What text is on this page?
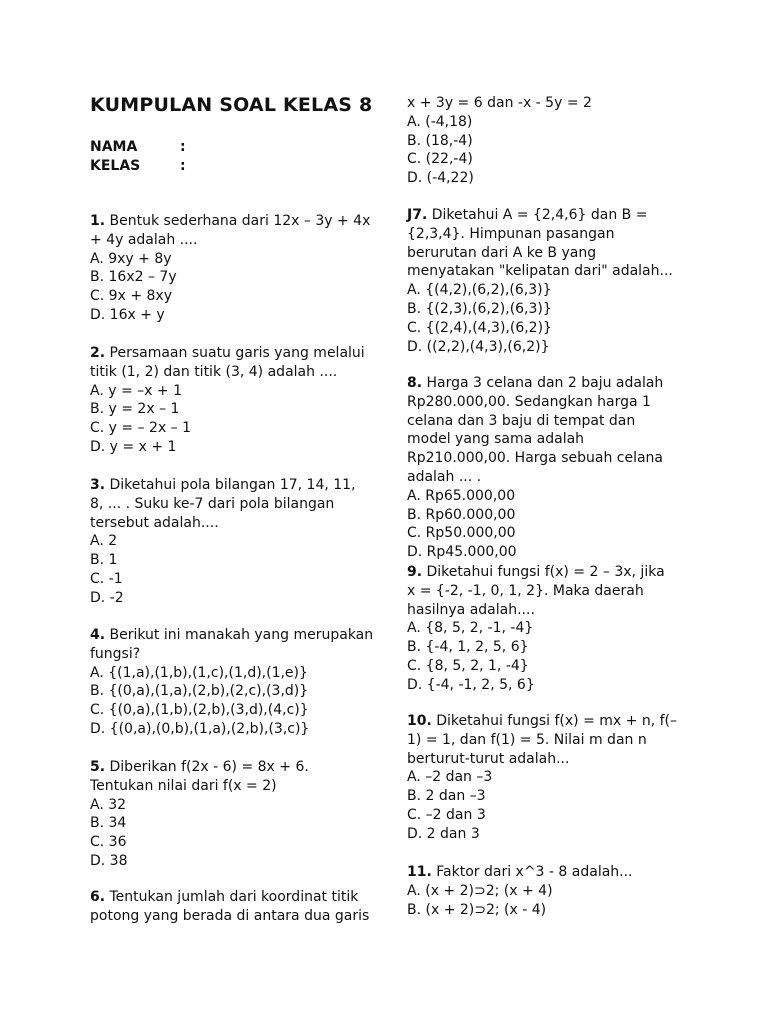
KUMPULAN SOAL KELAS 8
NAMA	:
KELAS	:
1. Bentuk sederhana dari 12x – 3y + 4x + 4y adalah ....
A. 9xy + 8y
B. 16x2 – 7y
C. 9x + 8xy
D. 16x + y
2. Persamaan suatu garis yang melalui titik (1, 2) dan titik (3, 4) adalah ....
A. y = –x + 1
B. y = 2x – 1
C. y = – 2x – 1
D. y = x + 1
3. Diketahui pola bilangan 17, 14, 11, 8, ... . Suku ke-7 dari pola bilangan tersebut adalah....
A. 2
B. 1
C. -1
D. -2
4. Berikut ini manakah yang merupakan fungsi?
A. {(1,a),(1,b),(1,c),(1,d),(1,e)}
B. {(0,a),(1,a),(2,b),(2,c),(3,d)}
C. {(0,a),(1,b),(2,b),(3,d),(4,c)}
D. {(0,a),(0,b),(1,a),(2,b),(3,c)}
5. Diberikan f(2x - 6) = 8x + 6. Tentukan nilai dari f(x = 2)
A. 32
B. 34
C. 36
D. 38
6. Tentukan jumlah dari koordinat titik potong yang berada di antara dua garis
x + 3y = 6 dan -x - 5y = 2
A. (-4,18)
B. (18,-4)
C. (22,-4)
D. (-4,22)
J7. Diketahui A = {2,4,6} dan B = {2,3,4}. Himpunan pasangan berurutan dari A ke B yang menyatakan "kelipatan dari" adalah...
A. {(4,2),(6,2),(6,3)}
B. {(2,3),(6,2),(6,3)}
C. {(2,4),(4,3),(6,2)}
D. ((2,2),(4,3),(6,2)}
8. Harga 3 celana dan 2 baju adalah Rp280.000,00. Sedangkan harga 1 celana dan 3 baju di tempat dan model yang sama adalah Rp210.000,00. Harga sebuah celana adalah ... .
A. Rp65.000,00
B. Rp60.000,00
C. Rp50.000,00
D. Rp45.000,00
9. Diketahui fungsi f(x) = 2 – 3x, jika x = {-2, -1, 0, 1, 2}. Maka daerah hasilnya adalah....
A. {8, 5, 2, -1, -4}
B. {-4, 1, 2, 5, 6}
C. {8, 5, 2, 1, -4}
D. {-4, -1, 2, 5, 6}
10. Diketahui fungsi f(x) = mx + n, f(–1) = 1, dan f(1) = 5. Nilai m dan n berturut-turut adalah...
A. –2 dan –3
B. 2 dan –3
C. –2 dan 3
D. 2 dan 3
11. Faktor dari x^3 - 8 adalah...
A. (x + 2)⊃2; (x + 4)
B. (x + 2)⊃2; (x - 4)
